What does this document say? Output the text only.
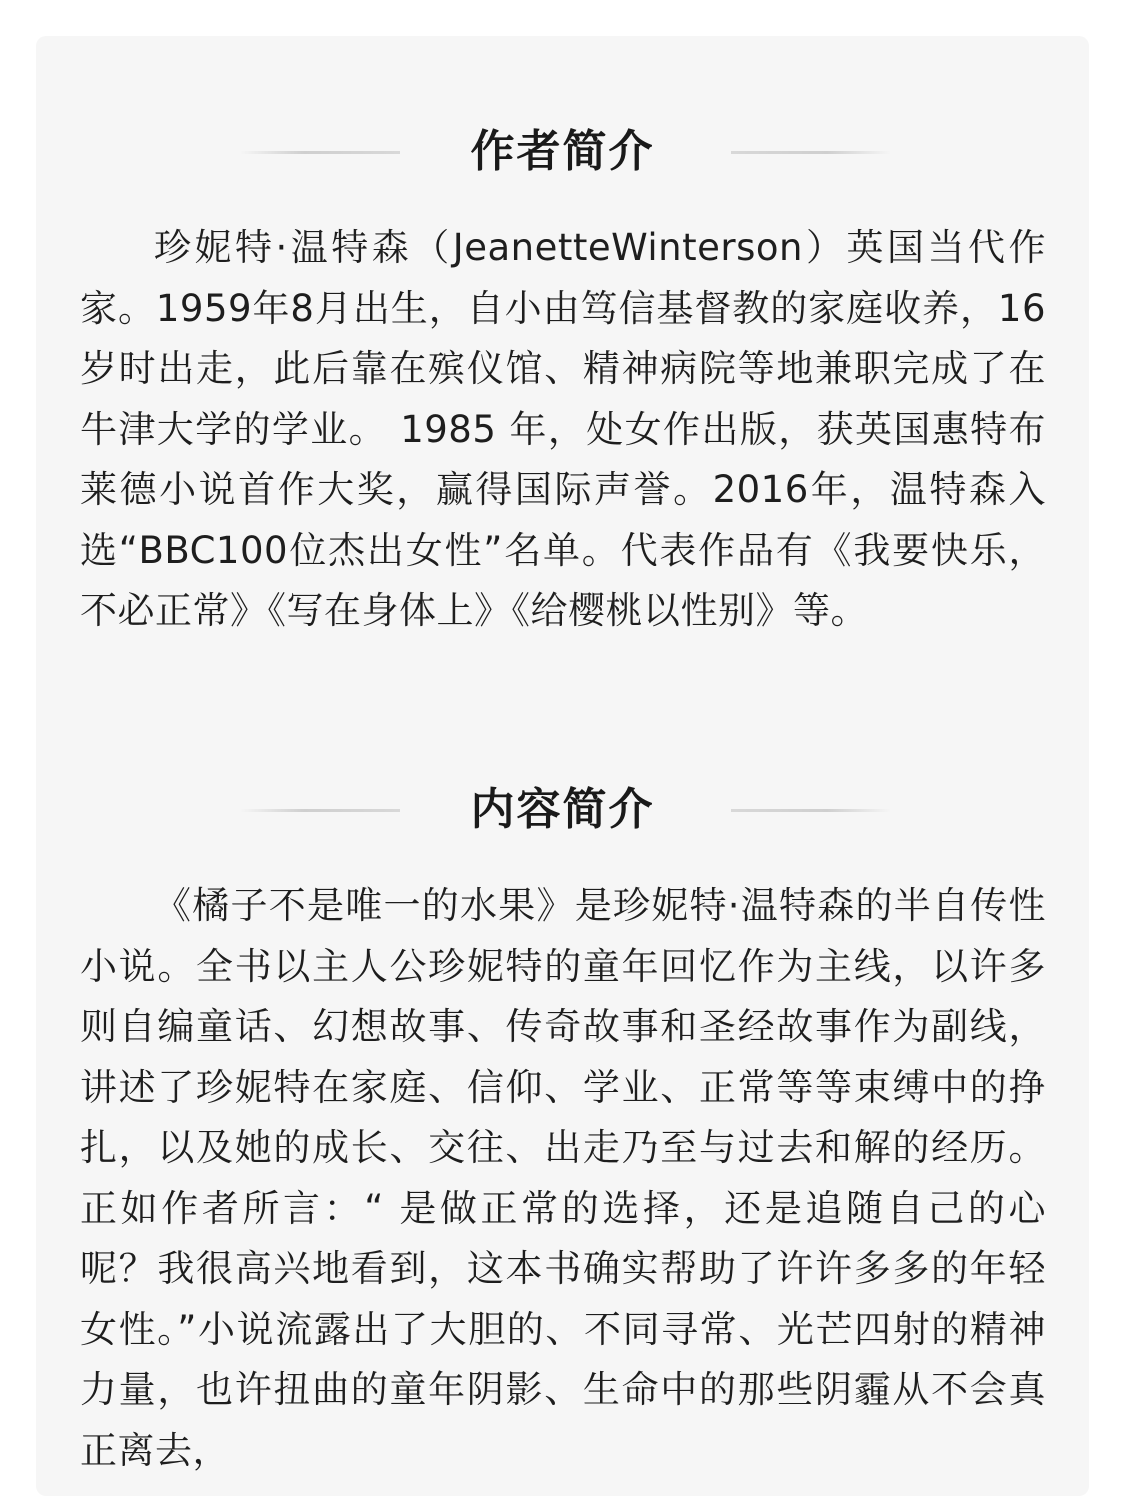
作者简介

珍妮特·温特森（JeanetteWinterson）英国当代作家。1959年8月出生，自小由笃信基督教的家庭收养，16岁时出走，此后靠在殡仪馆、精神病院等地兼职完成了在牛津大学的学业。 1985 年，处女作出版，获英国惠特布莱德小说首作大奖，赢得国际声誉。2016年，温特森入选“BBC100位杰出女性”名单。代表作品有《我要快乐，不必正常》《写在身体上》《给樱桃以性别》等。

内容简介

《橘子不是唯一的水果》是珍妮特·温特森的半自传性小说。全书以主人公珍妮特的童年回忆作为主线，以许多则自编童话、幻想故事、传奇故事和圣经故事作为副线，讲述了珍妮特在家庭、信仰、学业、正常等等束缚中的挣扎，以及她的成长、交往、出走乃至与过去和解的经历。正如作者所言：“ 是做正常的选择，还是追随自己的心呢？我很高兴地看到，这本书确实帮助了许许多多的年轻女性。”小说流露出了大胆的、不同寻常、光芒四射的精神力量，也许扭曲的童年阴影、生命中的那些阴霾从不会真正离去，
